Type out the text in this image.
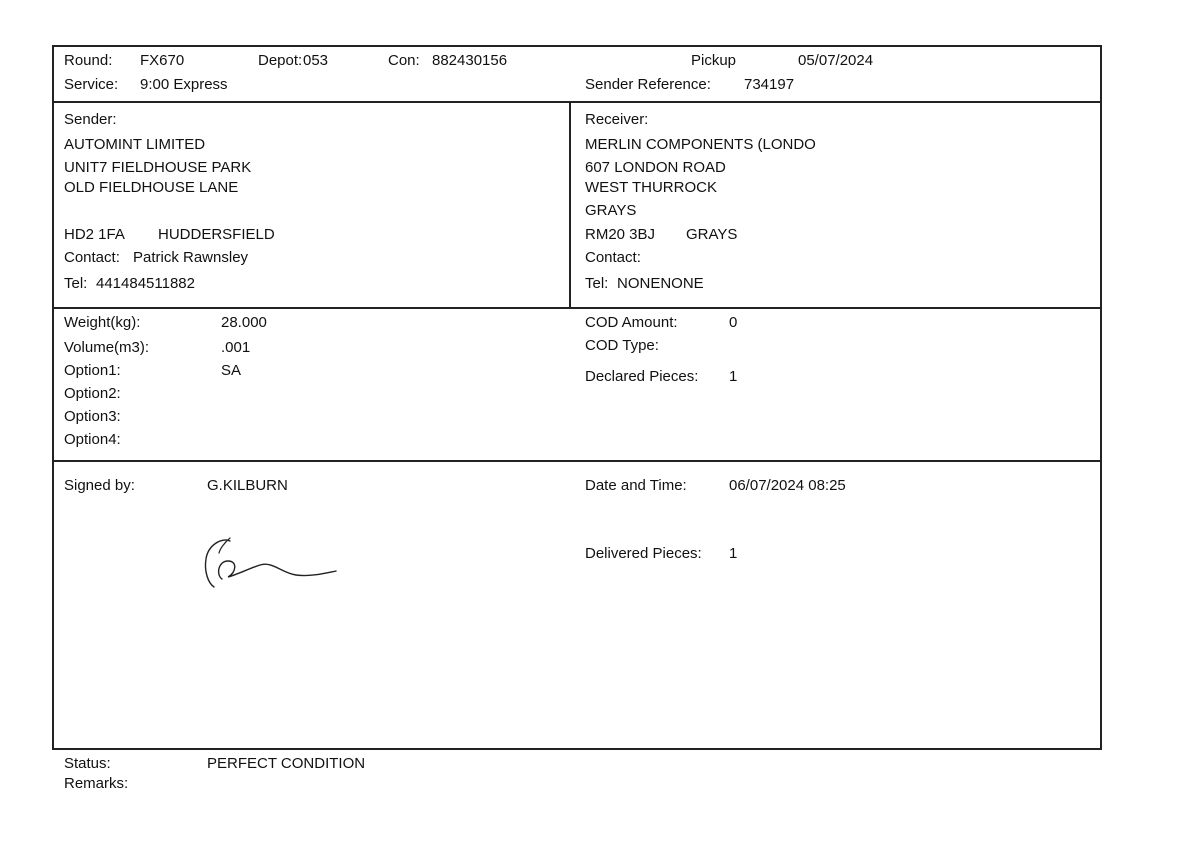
Round: FX670	Depot: 053	Con: 882430156	Pickup	05/07/2024
Service: 9:00 Express	Sender Reference: 734197
Sender:
AUTOMINT LIMITED
UNIT7 FIELDHOUSE PARK
OLD FIELDHOUSE LANE
HD2 1FA HUDDERSFIELD
Contact: Patrick Rawnsley
Tel: 441484511882
Receiver:
MERLIN COMPONENTS (LONDO
607 LONDON ROAD
WEST THURROCK
GRAYS
RM20 3BJ GRAYS
Contact:
Tel: NONENONE
Weight(kg):	28.000
Volume(m3):	.001
Option1:	SA
Option2:
Option3:
Option4:
COD Amount:	0
COD Type:
Declared Pieces: 1
Signed by:	G.KILBURN	Date and Time:	06/07/2024 08:25
Delivered Pieces: 1
Status:	PERFECT CONDITION
Remarks:
